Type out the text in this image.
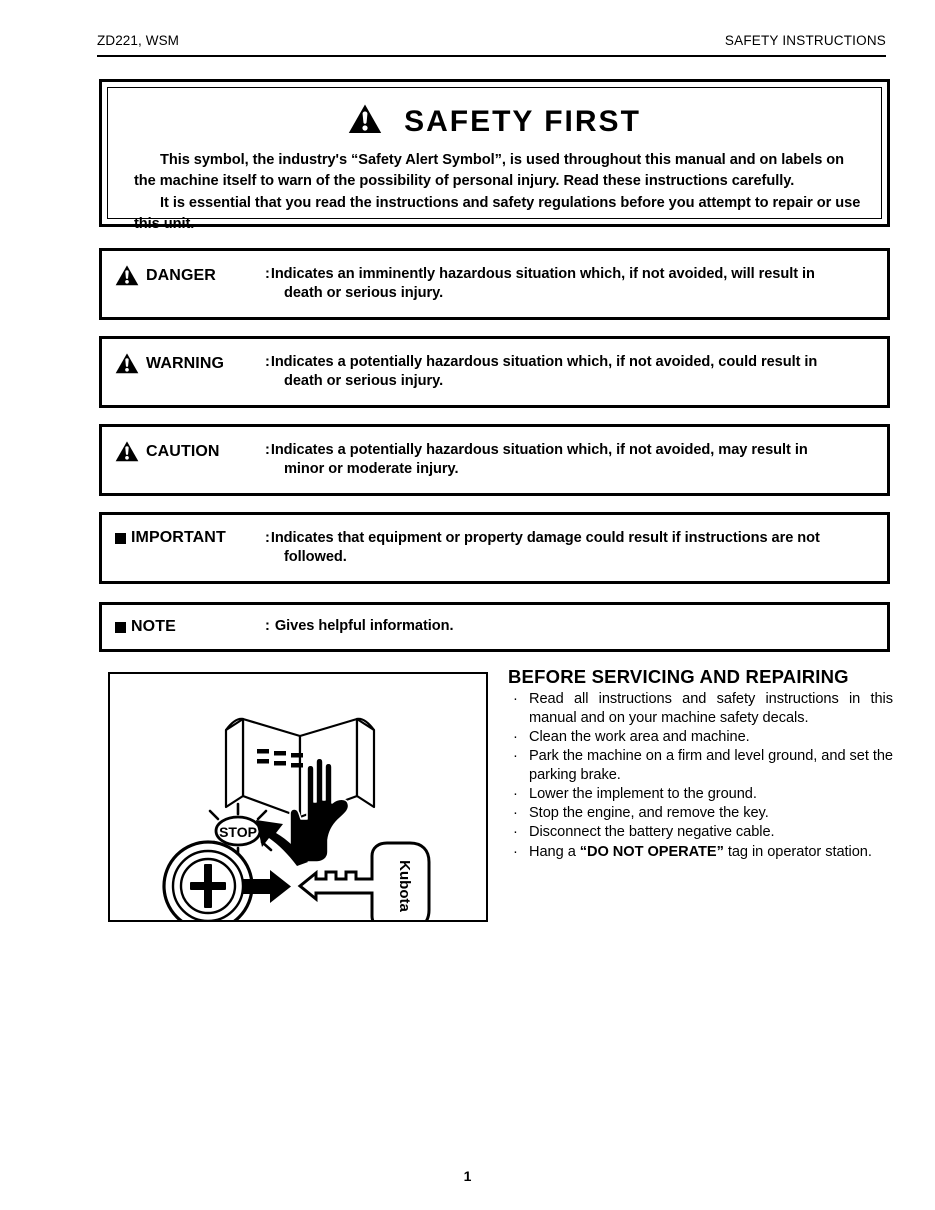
ZD221, WSM	SAFETY INSTRUCTIONS
SAFETY FIRST

This symbol, the industry's “Safety Alert Symbol”, is used throughout this manual and on labels on the machine itself to warn of the possibility of personal injury. Read these instructions carefully.

It is essential that you read the instructions and safety regulations before you attempt to repair or use this unit.

DANGER	:Indicates an imminently hazardous situation which, if not avoided, will result in
death or serious injury.
WARNING	:Indicates a potentially hazardous situation which, if not avoided, could result in
death or serious injury.
CAUTION	:Indicates a potentially hazardous situation which, if not avoided, may result in
minor or moderate injury.
IMPORTANT	:Indicates that equipment or property damage could result if instructions are not
followed.
NOTE	: Gives helpful information.
STOP
Kubota
BEFORE SERVICING AND REPAIRING
· Read all instructions and safety instructions in this manual and on your machine safety decals.
· Clean the work area and machine.
· Park the machine on a firm and level ground, and set the parking brake.
· Lower the implement to the ground.
· Stop the engine, and remove the key.
· Disconnect the battery negative cable.
· Hang a “DO NOT OPERATE” tag in operator station.
1
